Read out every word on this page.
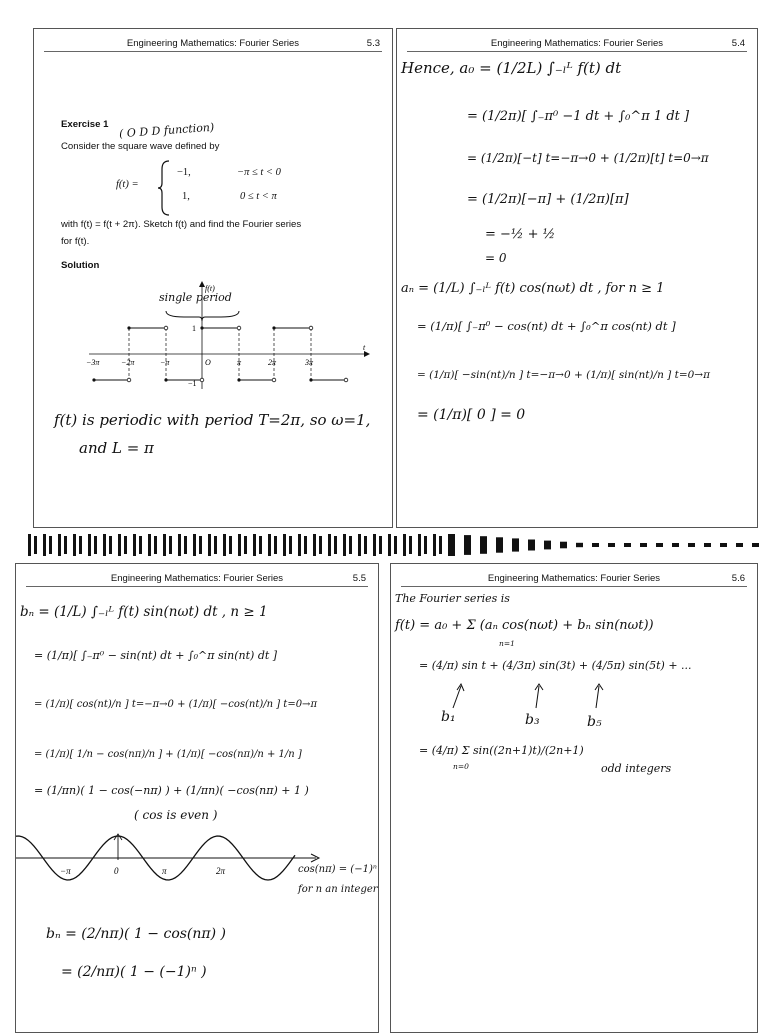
Engineering Mathematics: Fourier Series	5.3
Exercise 1 ( O D D function)
Consider the square wave defined by
f(t) =
−1,	−π ≤ t < 0
1,	0 ≤ t < π
with f(t) = f(t + 2π). Sketch f(t) and find the Fourier series
for f(t).
Solution
f(t)
t
1
−1
−3π	−2π	−π	O	π	2π	3π
single period
f(t) is periodic with period T=2π, so ω=1,
and L = π
Engineering Mathematics: Fourier Series	5.4
Hence, a₀ = (1/2L) ∫₋ₗᴸ f(t) dt
= (1/2π)[ ∫₋π⁰ −1 dt + ∫₀^π 1 dt ]
= (1/2π)[−t] t=−π→0 + (1/2π)[t] t=0→π
= (1/2π)[−π] + (1/2π)[π]
= −½ + ½
= 0
aₙ = (1/L) ∫₋ₗᴸ f(t) cos(nωt) dt , for n ≥ 1
= (1/π)[ ∫₋π⁰ − cos(nt) dt + ∫₀^π cos(nt) dt ]
= (1/π)[ −sin(nt)/n ] t=−π→0 + (1/π)[ sin(nt)/n ] t=0→π
= (1/π)[ 0 ] = 0
Engineering Mathematics: Fourier Series	5.5
bₙ = (1/L) ∫₋ₗᴸ f(t) sin(nωt) dt , n ≥ 1
= (1/π)[ ∫₋π⁰ − sin(nt) dt + ∫₀^π sin(nt) dt ]
= (1/π)[ cos(nt)/n ] t=−π→0 + (1/π)[ −cos(nt)/n ] t=0→π
= (1/π)[ 1/n − cos(nπ)/n ] + (1/π)[ −cos(nπ)/n + 1/n ]
= (1/πn)( 1 − cos(−nπ) ) + (1/πn)( −cos(nπ) + 1 )
( cos is even )
−π	0	π	2π	cos(nπ) = (−1)ⁿ
for n an integer
bₙ = (2/nπ)( 1 − cos(nπ) )
= (2/nπ)( 1 − (−1)ⁿ )
Engineering Mathematics: Fourier Series	5.6
The Fourier series is
f(t) = a₀ + Σ (aₙ cos(nωt) + bₙ sin(nωt))
n=1
= (4/π) sin t + (4/3π) sin(3t) + (4/5π) sin(5t) + ...
b₁	b₃	b₅
= (4/π) Σ sin((2n+1)t)/(2n+1)
n=0	odd integers
